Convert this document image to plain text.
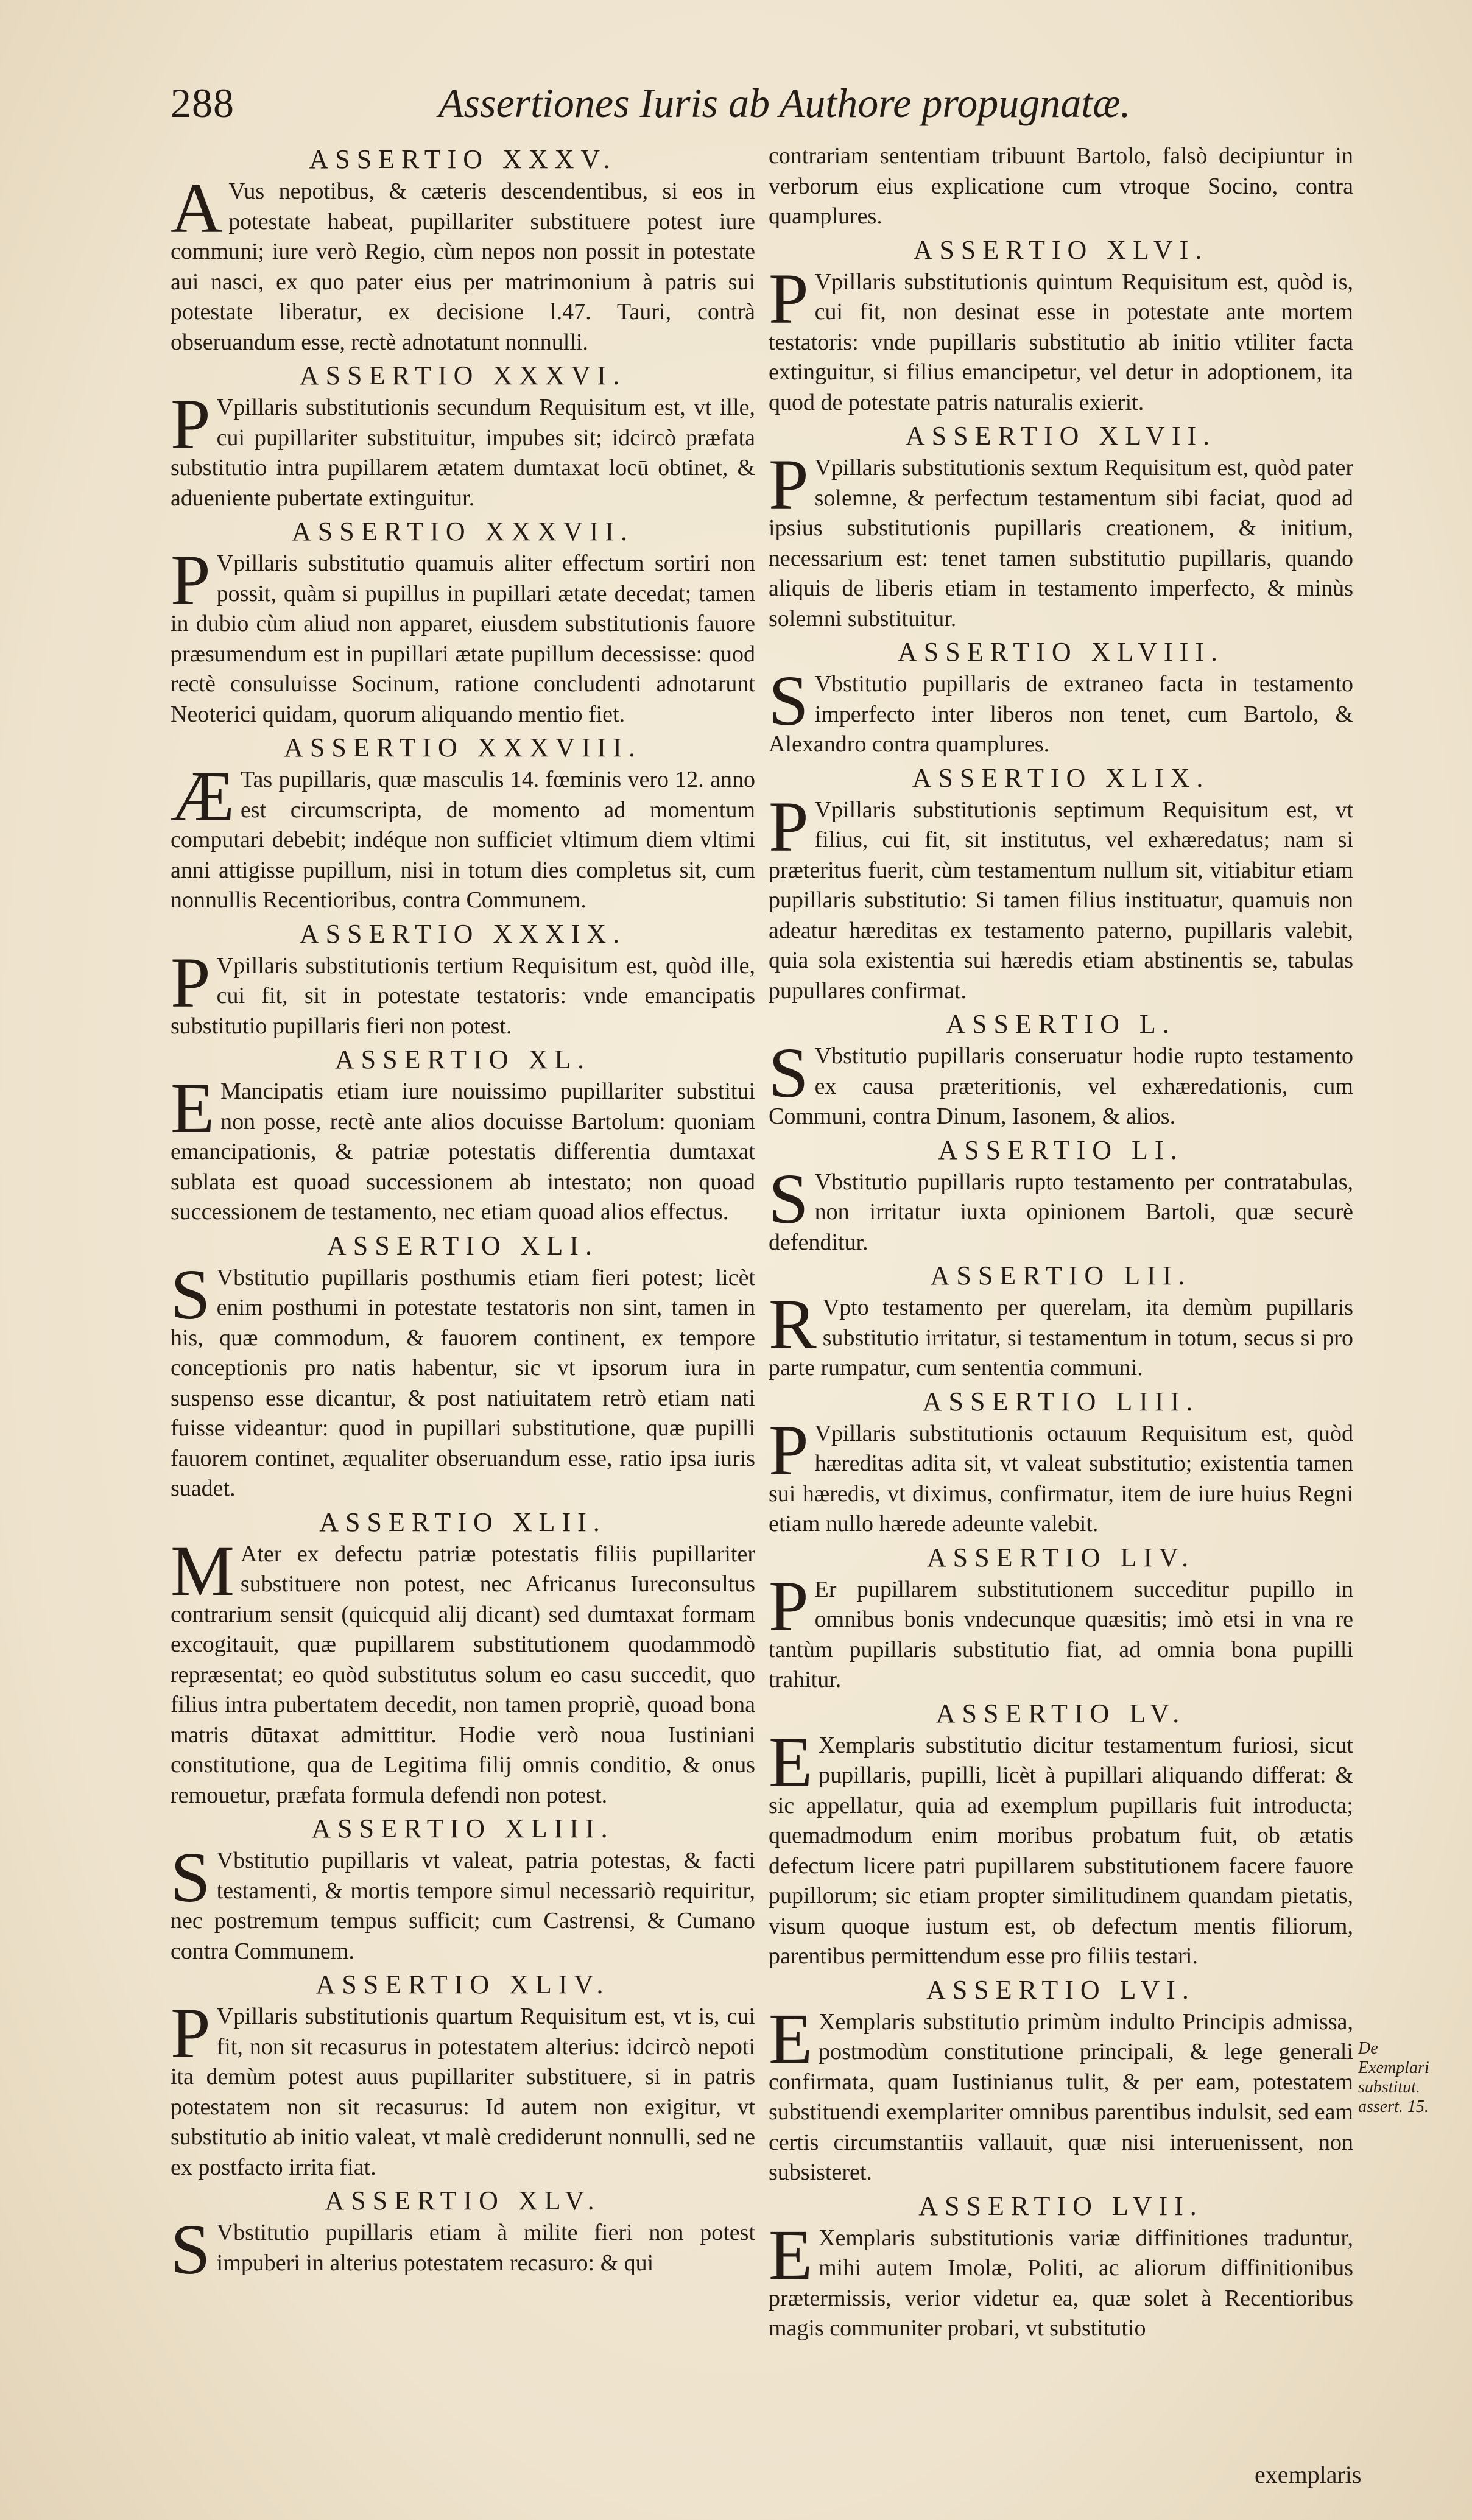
288	Assertiones Iuris ab Authore propugnatæ.
ASSERTIO XXXV.

A Vus nepotibus, & cæteris descendentibus, si eos in potestate habeat, pupillariter substituere potest iure communi; iure verò Regio, cùm nepos non possit in potestate aui nasci, ex quo pater eius per matrimonium à patris sui potestate liberatur, ex decisione l.47. Tauri, contrà obseruandum esse, rectè adnotatunt nonnulli.

ASSERTIO XXXVI.

P Vpillaris substitutionis secundum Requisitum est, vt ille, cui pupillariter substituitur, impubes sit; idcircò præfata substitutio intra pupillarem ætatem dumtaxat locū obtinet, & adueniente pubertate extinguitur.

ASSERTIO XXXVII.

P Vpillaris substitutio quamuis aliter effectum sortiri non possit, quàm si pupillus in pupillari ætate decedat; tamen in dubio cùm aliud non apparet, eiusdem substitutionis fauore præsumendum est in pupillari ætate pupillum decessisse: quod rectè consuluisse Socinum, ratione concludenti adnotarunt Neoterici quidam, quorum aliquando mentio fiet.

ASSERTIO XXXVIII.

Æ Tas pupillaris, quæ masculis 14. fœminis vero 12. anno est circumscripta, de momento ad momentum computari debebit; indéque non sufficiet vltimum diem vltimi anni attigisse pupillum, nisi in totum dies completus sit, cum nonnullis Recentioribus, contra Communem.

ASSERTIO XXXIX.

P Vpillaris substitutionis tertium Requisitum est, quòd ille, cui fit, sit in potestate testatoris: vnde emancipatis substitutio pupillaris fieri non potest.

ASSERTIO XL.

E Mancipatis etiam iure nouissimo pupillariter substitui non posse, rectè ante alios docuisse Bartolum: quoniam emancipationis, & patriæ potestatis differentia dumtaxat sublata est quoad successionem ab intestato; non quoad successionem de testamento, nec etiam quoad alios effectus.

ASSERTIO XLI.

S Vbstitutio pupillaris posthumis etiam fieri potest; licèt enim posthumi in potestate testatoris non sint, tamen in his, quæ commodum, & fauorem continent, ex tempore conceptionis pro natis habentur, sic vt ipsorum iura in suspenso esse dicantur, & post natiuitatem retrò etiam nati fuisse videantur: quod in pupillari substitutione, quæ pupilli fauorem continet, æqualiter obseruandum esse, ratio ipsa iuris suadet.

ASSERTIO XLII.

M Ater ex defectu patriæ potestatis filiis pupillariter substituere non potest, nec Africanus Iureconsultus contrarium sensit (quicquid alij dicant) sed dumtaxat formam excogitauit, quæ pupillarem substitutionem quodammodò repræsentat; eo quòd substitutus solum eo casu succedit, quo filius intra pubertatem decedit, non tamen propriè, quoad bona matris dūtaxat admittitur. Hodie verò noua Iustiniani constitutione, qua de Legitima filij omnis conditio, & onus remouetur, præfata formula defendi non potest.

ASSERTIO XLIII.

S Vbstitutio pupillaris vt valeat, patria potestas, & facti testamenti, & mortis tempore simul necessariò requiritur, nec postremum tempus sufficit; cum Castrensi, & Cumano contra Communem.

ASSERTIO XLIV.

P Vpillaris substitutionis quartum Requisitum est, vt is, cui fit, non sit recasurus in potestatem alterius: idcircò nepoti ita demùm potest auus pupillariter substituere, si in patris potestatem non sit recasurus: Id autem non exigitur, vt substitutio ab initio valeat, vt malè crediderunt nonnulli, sed ne ex postfacto irrita fiat.

ASSERTIO XLV.

S Vbstitutio pupillaris etiam à milite fieri non potest impuberi in alterius potestatem recasuro: & qui

contrariam sententiam tribuunt Bartolo, falsò decipiuntur in verborum eius explicatione cum vtroque Socino, contra quamplures.

ASSERTIO XLVI.

P Vpillaris substitutionis quintum Requisitum est, quòd is, cui fit, non desinat esse in potestate ante mortem testatoris: vnde pupillaris substitutio ab initio vtiliter facta extinguitur, si filius emancipetur, vel detur in adoptionem, ita quod de potestate patris naturalis exierit.

ASSERTIO XLVII.

P Vpillaris substitutionis sextum Requisitum est, quòd pater solemne, & perfectum testamentum sibi faciat, quod ad ipsius substitutionis pupillaris creationem, & initium, necessarium est: tenet tamen substitutio pupillaris, quando aliquis de liberis etiam in testamento imperfecto, & minùs solemni substituitur.

ASSERTIO XLVIII.

S Vbstitutio pupillaris de extraneo facta in testamento imperfecto inter liberos non tenet, cum Bartolo, & Alexandro contra quamplures.

ASSERTIO XLIX.

P Vpillaris substitutionis septimum Requisitum est, vt filius, cui fit, sit institutus, vel exhæredatus; nam si præteritus fuerit, cùm testamentum nullum sit, vitiabitur etiam pupillaris substitutio: Si tamen filius instituatur, quamuis non adeatur hæreditas ex testamento paterno, pupillaris valebit, quia sola existentia sui hæredis etiam abstinentis se, tabulas pupullares confirmat.

ASSERTIO L.

S Vbstitutio pupillaris conseruatur hodie rupto testamento ex causa præteritionis, vel exhæredationis, cum Communi, contra Dinum, Iasonem, & alios.

ASSERTIO LI.

S Vbstitutio pupillaris rupto testamento per contratabulas, non irritatur iuxta opinionem Bartoli, quæ securè defenditur.

ASSERTIO LII.

R Vpto testamento per querelam, ita demùm pupillaris substitutio irritatur, si testamentum in totum, secus si pro parte rumpatur, cum sententia communi.

ASSERTIO LIII.

P Vpillaris substitutionis octauum Requisitum est, quòd hæreditas adita sit, vt valeat substitutio; existentia tamen sui hæredis, vt diximus, confirmatur, item de iure huius Regni etiam nullo hærede adeunte valebit.

ASSERTIO LIV.

P Er pupillarem substitutionem succeditur pupillo in omnibus bonis vndecunque quæsitis; imò etsi in vna re tantùm pupillaris substitutio fiat, ad omnia bona pupilli trahitur.

ASSERTIO LV.

E Xemplaris substitutio dicitur testamentum furiosi, sicut pupillaris, pupilli, licèt à pupillari aliquando differat: & sic appellatur, quia ad exemplum pupillaris fuit introducta; quemadmodum enim moribus probatum fuit, ob ætatis defectum licere patri pupillarem substitutionem facere fauore pupillorum; sic etiam propter similitudinem quandam pietatis, visum quoque iustum est, ob defectum mentis filiorum, parentibus permittendum esse pro filiis testari.

ASSERTIO LVI.

E Xemplaris substitutio primùm indulto Principis admissa, postmodùm constitutione principali, & lege generali confirmata, quam Iustinianus tulit, & per eam, potestatem substituendi exemplariter omnibus parentibus indulsit, sed eam certis circumstantiis vallauit, quæ nisi interuenissent, non subsisteret.

ASSERTIO LVII.

E Xemplaris substitutionis variæ diffinitiones traduntur, mihi autem Imolæ, Politi, ac aliorum diffinitionibus prætermissis, verior videtur ea, quæ solet à Recentioribus magis communiter probari, vt substitutio

De Exemplari substitut. assert. 15.
exemplaris
